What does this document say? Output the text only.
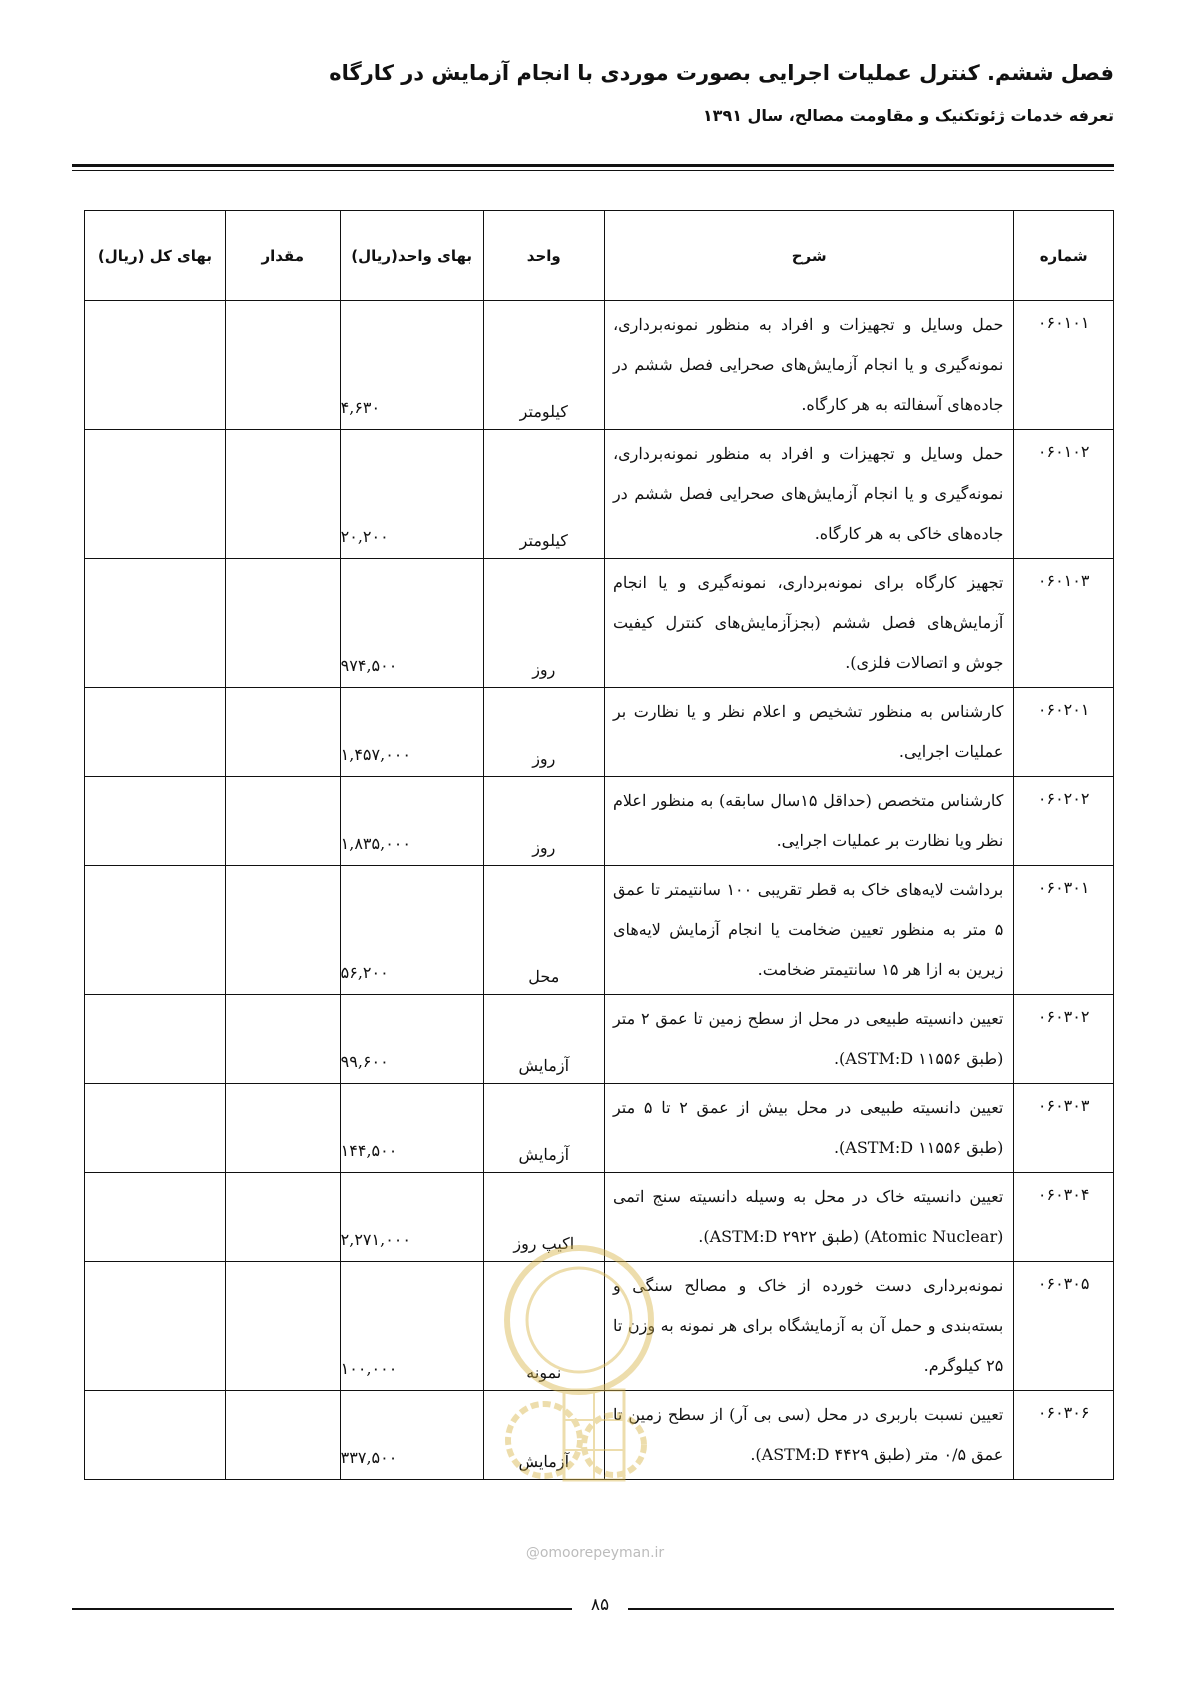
فصل ششم. کنترل عملیات اجرایی بصورت موردی با انجام آزمایش در کارگاه
تعرفه خدمات ژئوتکنیک و مقاومت مصالح، سال ۱۳۹۱
شماره	شرح	واحد	بهای واحد(ریال)	مقدار	بهای کل (ریال)
۰۶۰۱۰۱	حمل وسایل و تجهیزات و افراد به منظور نمونه‌برداری، نمونه‌گیری و یا انجام آزمایش‌های صحرایی فصل ششم در جاده‌های آسفالته به هر کارگاه.	کیلومتر	۴,۶۳۰		
۰۶۰۱۰۲	حمل وسایل و تجهیزات و افراد به منظور نمونه‌برداری، نمونه‌گیری و یا انجام آزمایش‌های صحرایی فصل ششم در جاده‌های خاکی به هر کارگاه.	کیلومتر	۲۰,۲۰۰		
۰۶۰۱۰۳	تجهیز کارگاه برای نمونه‌برداری، نمونه‌گیری و یا انجام آزمایش‌های فصل ششم (بجزآزمایش‌های کنترل کیفیت جوش و اتصالات فلزی).	روز	۹۷۴,۵۰۰		
۰۶۰۲۰۱	کارشناس به منظور تشخیص و اعلام نظر و یا نظارت بر عملیات اجرایی.	روز	۱,۴۵۷,۰۰۰		
۰۶۰۲۰۲	کارشناس متخصص (حداقل ۱۵سال سابقه) به منظور اعلام نظر ویا نظارت بر عملیات اجرایی.	روز	۱,۸۳۵,۰۰۰		
۰۶۰۳۰۱	برداشت لایه‌های خاک به قطر تقریبی ۱۰۰ سانتیمتر تا عمق ۵ متر به منظور تعیین ضخامت یا انجام آزمایش لایه‌های زیرین به ازا هر ۱۵ سانتیمتر ضخامت.	محل	۵۶,۲۰۰		
۰۶۰۳۰۲	تعیین دانسیته طبیعی در محل از سطح زمین تا عمق ۲ متر (طبق ASTM:D ۱۱۵۵۶).	آزمایش	۹۹,۶۰۰		
۰۶۰۳۰۳	تعیین دانسیته طبیعی در محل بیش از عمق ۲ تا ۵ متر (طبق ASTM:D ۱۱۵۵۶).	آزمایش	۱۴۴,۵۰۰		
۰۶۰۳۰۴	تعیین دانسیته خاک در محل به وسیله دانسیته سنج اتمی (Atomic Nuclear) (طبق ASTM:D ۲۹۲۲).	اکیپ روز	۲,۲۷۱,۰۰۰		
۰۶۰۳۰۵	نمونه‌برداری دست خورده از خاک و مصالح سنگی و بسته‌بندی و حمل آن به آزمایشگاه برای هر نمونه به وزن تا ۲۵ کیلوگرم.	نمونه	۱۰۰,۰۰۰		
۰۶۰۳۰۶	تعیین نسبت باربری در محل (سی بی آر) از سطح زمین تا عمق ۰/۵ متر (طبق ASTM:D ۴۴۲۹).	آزمایش	۳۳۷,۵۰۰		
@omoorepeyman.ir
۸۵
